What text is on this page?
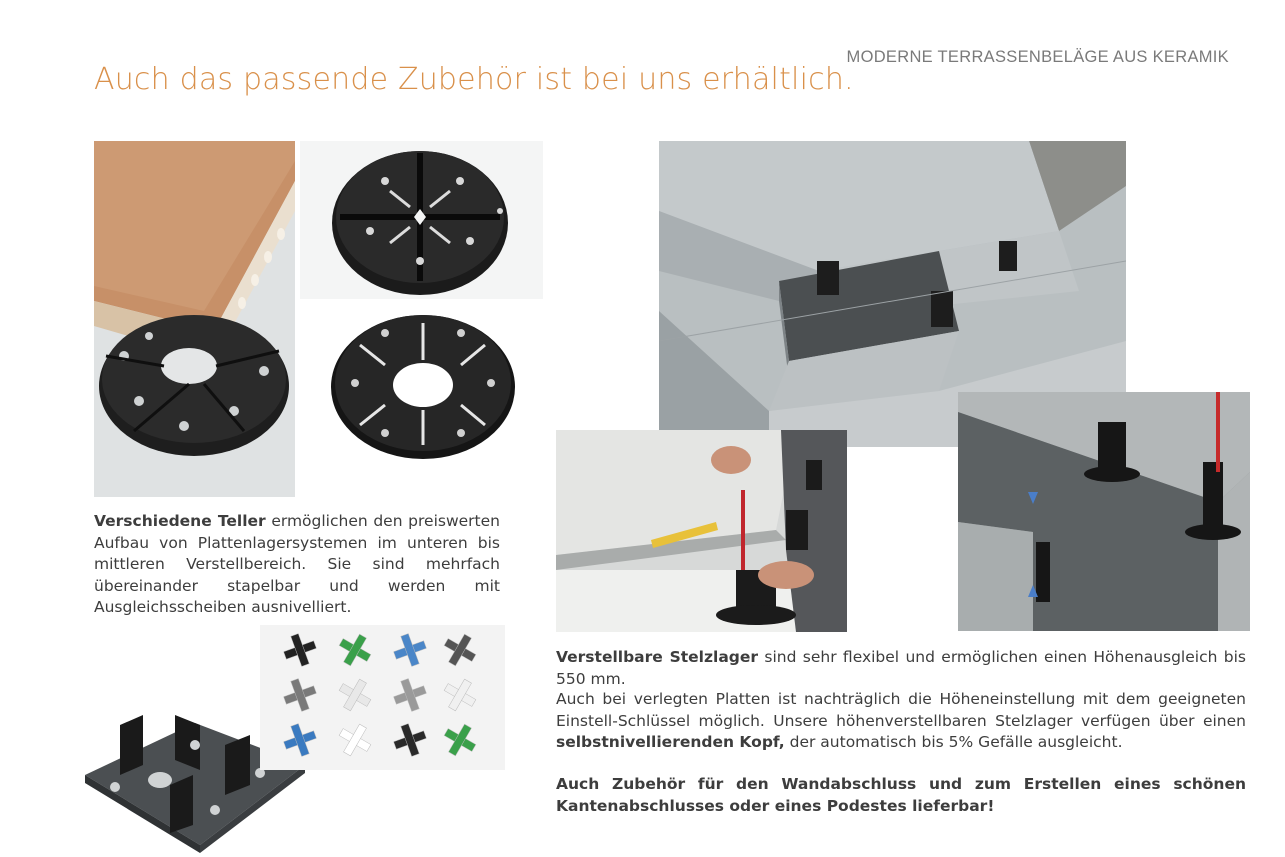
MODERNE TERRASSENBELÄGE AUS KERAMIK
Auch das passende Zubehör ist bei uns erhältlich.

Verschiedene Teller ermöglichen den preiswerten Aufbau von Plattenlagersystemen im unteren bis mittleren Verstellbereich. Sie sind mehrfach übereinander stapelbar und werden mit Ausgleichsscheiben ausnivelliert.

Verstellbare Stelzlager sind sehr flexibel und ermöglichen einen Höhenausgleich bis 550 mm.

Auch bei verlegten Platten ist nachträglich die Höheneinstellung mit dem geeigneten Einstell-Schlüssel möglich. Unsere höhenverstellbaren Stelzlager verfügen über einen selbstnivellierenden Kopf, der automatisch bis 5% Gefälle ausgleicht.

Auch Zubehör für den Wandabschluss und zum Erstellen eines schönen Kantenabschlusses oder eines Podestes lieferbar!
